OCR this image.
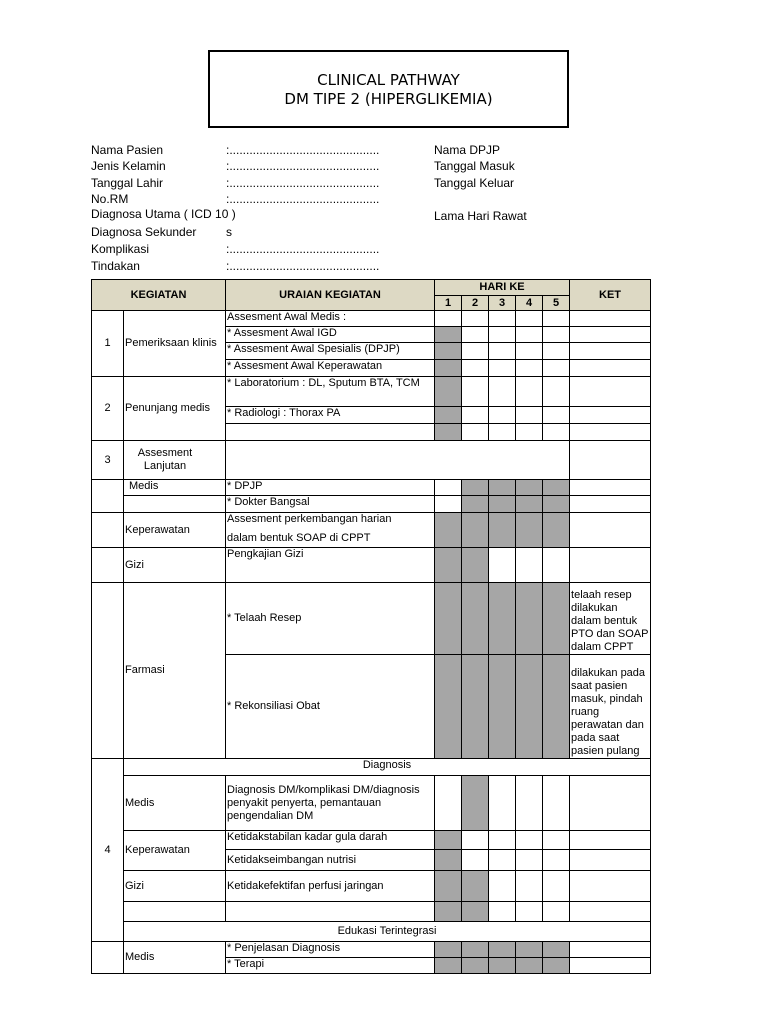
CLINICAL PATHWAY
DM TIPE 2 (HIPERGLIKEMIA)
Nama Pasien	:.............................................
Jenis Kelamin	:.............................................
Tanggal Lahir	:.............................................
No.RM	:.............................................
Diagnosa Utama ( ICD 10 )
Diagnosa Sekunder s
Komplikasi	:.............................................
Tindakan	:.............................................
Nama DPJP
Tanggal Masuk
Tanggal Keluar
Lama Hari Rawat
KEGIATAN		URAIAN KEGIATAN	HARI KE					KET
			1	2	3	4	5	
1	Pemeriksaan klinis	Assesment Awal Medis :						
		* Assesment Awal IGD						
		* Assesment Awal Spesialis (DPJP)						
		* Assesment Awal Keperawatan						
2	Penunjang medis	* Laboratorium : DL, Sputum BTA, TCM						
		* Radiologi : Thorax PA						

3	Assesment Lanjutan							
	Medis	* DPJP						
		* Dokter Bangsal						
	Keperawatan	Assesment perkembangan harian
dalam bentuk SOAP di CPPT						

	Gizi	Pengkajian Gizi						
	Farmasi	* Telaah Resep						telaah resep dilakukan dalam bentuk PTO dan SOAP dalam CPPT
		* Rekonsiliasi Obat						dilakukan pada saat pasien masuk, pindah ruang perawatan dan pada saat pasien pulang
4	Diagnosis							
	Medis	Diagnosis DM/komplikasi DM/diagnosis penyakit penyerta, pemantauan pengendalian DM						
	Keperawatan	Ketidakstabilan kadar gula darah						
		Ketidakseimbangan nutrisi						
	Gizi	Ketidakefektifan perfusi jaringan						

	Edukasi Terintegrasi							
	Medis	* Penjelasan Diagnosis						
		* Terapi						
